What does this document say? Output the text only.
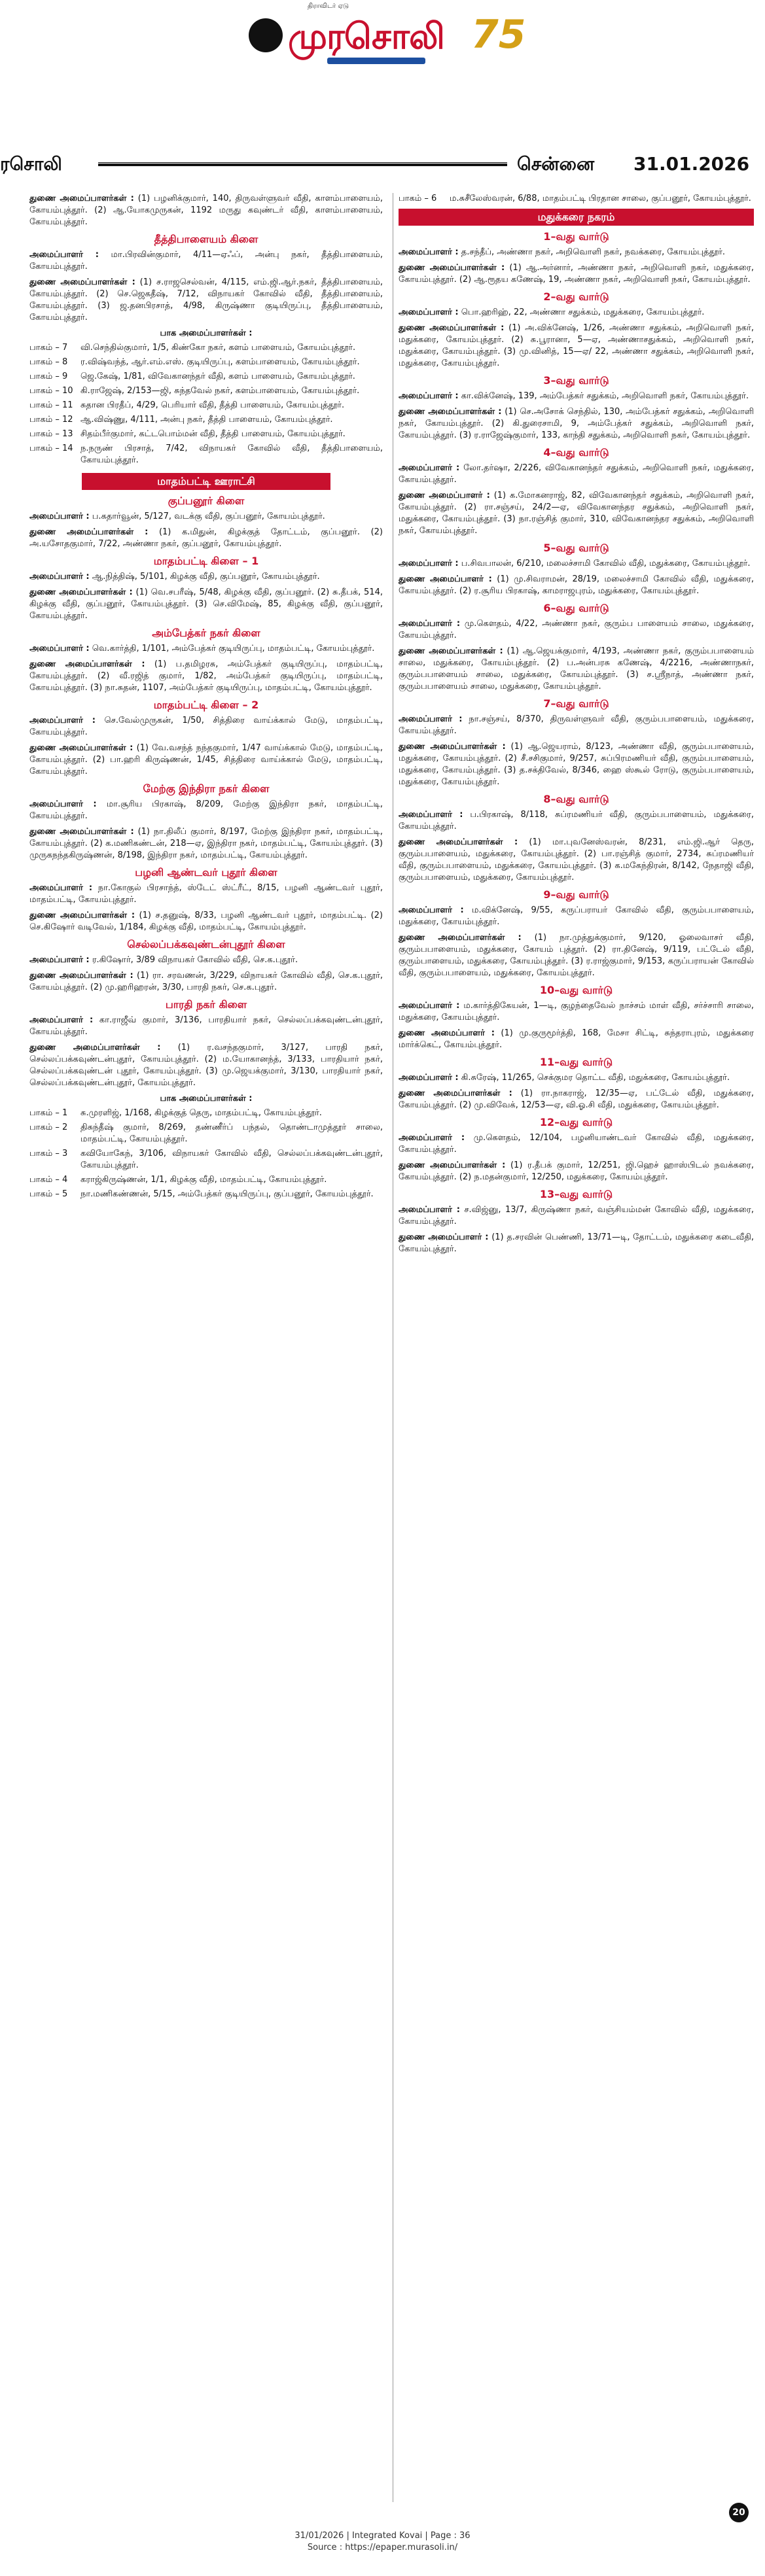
திராவிடர் ஏடு
முரசொலி 75
ரசொலி	சென்னை 31.01.2026

துணை அமைப்பாளர்கள் : (1) பழனிக்குமார், 140, திருவள்ளுவர் வீதி, காளம்பாளையம், கோயம்புத்தூர். (2) ஆ.யோகமுருகன், 1192 மருது கவுண்டர் வீதி, காளம்பாளையம், கோயம்புத்தூர்.

தீத்திபாளையம் கிளை

அமைப்பாளர் : மா.பிரவின்குமார், 4/11—ஏஃப், அன்பு நகர், தீத்திபாளையம், கோயம்புத்தூர்.

துணை அமைப்பாளர்கள் : (1) ச.ராஜசெல்வன், 4/115, எம்.ஜி.ஆர்.நகர், தீத்திபாளையம், கோயம்புத்தூர். (2) செ.ஜெகதீஷ், 7/12, விநாயகர் கோவில் வீதி, தீத்திபாளையம், கோயம்புத்தூர். (3) ஜ.தனபிரசாத், 4/98, கிருஷ்ணா குடியிருப்பு, தீத்திபாளையம், கோயம்புத்தூர்.

பாக அமைப்பாளர்கள் :
பாகம் – 7	வி.செந்தில்குமார், 1/5, கிண்கோ நகர், களம் பாளையம், கோயம்புத்தூர்.
பாகம் – 8	ர.விஷ்வந்த், ஆர்.எம்.எஸ். குடியிருப்பு, களம்பாளையம், கோயம்புத்தூர்.
பாகம் – 9	ஜெ.கேஷ், 1/81, விவேகானந்தர் வீதி, களம் பாளையம், கோயம்புத்தூர்.
பாகம் – 10 கி.ராஜேஷ், 2/153—ஜி, சுந்தவேல் நகர், களம்பாளையம், கோயம்புத்தூர்.
பாகம் – 11 சுதான பிரதீப், 4/29, பெரியார் வீதி, தீத்தி பாளையம், கோயம்புத்தூர்.
பாகம் – 12 ஆ.விஷ்ணு, 4/111, அன்பு நகர், தீத்தி பாளையம், கோயம்புத்தூர்.
பாகம் – 13 சிதம்பீர்குமார், கட்டபொம்மன் வீதி, தீத்தி பாளையம், கோயம்புத்தூர்.
பாகம் – 14 ந.நருண் பிரசாத், 7/42, விநாயகர் கோவில் வீதி, தீத்திபாளையம், கோயம்புத்தூர்.
மாதம்பட்டி ஊராட்சி
குப்பனூர் கிளை

அமைப்பாளர் : ப.கதார்வூன், 5/127, வடக்கு வீதி, குப்பனூர், கோயம்புத்தூர்.

துணை அமைப்பாளர்கள் : (1) க.மிதுன், கிழக்குத் தோட்டம், குப்பனூர். (2) அ.யசோதகுமார், 7/22, அண்ணா நகர், குப்பனூர், கோயம்புத்தூர்.

மாதம்பட்டி கிளை – 1

அமைப்பாளர் : ஆ.நித்திஷ், 5/101, கிழக்கு வீதி, குப்பனூர், கோயம்புத்தூர்.

துணை அமைப்பாளர்கள் : (1) வெ.சபரீஷ், 5/48, கிழக்கு வீதி, குப்பனூர். (2) சு.தீபக், 514, கிழக்கு வீதி, குப்பனூர், கோயம்புத்தூர். (3) செ.விமேஷ், 85, கிழக்கு வீதி, குப்பனூர், கோயம்புத்தூர்.

அம்பேத்கர் நகர் கிளை

அமைப்பாளர் : வெ.கார்த்தி, 1/101, அம்பேத்கர் குடியிருப்பு, மாதம்பட்டி, கோயம்புத்தூர்.

துணை அமைப்பாளர்கள் : (1) ப.தமிழரசு, அம்பேத்கர் குடியிருப்பு, மாதம்பட்டி, கோயம்புத்தூர். (2) வீ.ரஜித் குமார், 1/82, அம்பேத்கர் குடியிருப்பு, மாதம்பட்டி, கோயம்புத்தூர். (3) நா.சுதன், 1107, அம்பேத்கர் குடியிருப்பு, மாதம்பட்டி, கோயம்புத்தூர்.

மாதம்பட்டி கிளை – 2

அமைப்பாளர் : செ.வேல்முருகன், 1/50, சித்திரை வாய்க்கால் மேடு, மாதம்பட்டி, கோயம்புத்தூர்.

துணை அமைப்பாளர்கள் : (1) வே.வசந்த் நந்தகுமார், 1/47 வாய்க்கால் மேடு, மாதம்பட்டி, கோயம்புத்தூர். (2) பா.ஹரி கிருஷ்ணன், 1/45, சித்திரை வாய்க்கால் மேடு, மாதம்பட்டி, கோயம்புத்தூர்.

மேற்கு இந்திரா நகர் கிளை

அமைப்பாளர் : மா.சூரிய பிரகாஷ், 8/209, மேற்கு இந்திரா நகர், மாதம்பட்டி, கோயம்புத்தூர்.

துணை அமைப்பாளர்கள் : (1) நா.திலீப் குமார், 8/197, மேற்கு இந்திரா நகர், மாதம்பட்டி, கோயம்புத்தூர். (2) க.மணிகண்டன், 218—ஏ, இந்திரா நகர், மாதம்பட்டி, கோயம்புத்தூர். (3) முருகநந்தகிருஷ்ணன், 8/198, இந்திரா நகர், மாதம்பட்டி, கோயம்புத்தூர்.

பழனி ஆண்டவர் புதூர் கிளை

அமைப்பாளர் : நா.கோகுல் பிரசாந்த், ஸ்டேட் ஸ்ட்ரீட், 8/15, பழனி ஆண்டவர் புதூர், மாதம்பட்டி, கோயம்புத்தூர்.

துணை அமைப்பாளர்கள் : (1) ச.தனுஷ், 8/33, பழனி ஆண்டவர் புதூர், மாதம்பட்டி. (2) செ.கிஷோர் வடிவேல், 1/184, கிழக்கு வீதி, மாதம்பட்டி, கோயம்புத்தூர்.

செல்லப்பக்கவுண்டன்புதூர் கிளை

அமைப்பாளர் : ர.கிஷோர், 3/89 விநாயகர் கோவில் வீதி, செ.க.புதூர்.

துணை அமைப்பாளர்கள் : (1) ரா. சரவணன், 3/229, விநாயகர் கோவில் வீதி, செ.க.புதூர், கோயம்புத்தூர். (2) மு.ஹரிஹரன், 3/30, பாரதி நகர், செ.க.புதூர்.

பாரதி நகர் கிளை

அமைப்பாளர் : கா.ராஜீவ் குமார், 3/136, பாரதியார் நகர், செல்லப்பக்கவுண்டன்புதூர், கோயம்புத்தூர்.

துணை அமைப்பாளர்கள் : (1) ர.வசந்தகுமார், 3/127, பாரதி நகர், செல்லப்பக்கவுண்டன்புதூர், கோயம்புத்தூர். (2) ம.யோகானந்த், 3/133, பாரதியார் நகர், செல்லப்பக்கவுண்டன் புதூர், கோயம்புத்தூர். (3) மு.ஜெயக்குமார், 3/130, பாரதியார் நகர், செல்லப்பக்கவுண்டன்புதூர், கோயம்புத்தூர்.

பாக அமைப்பாளர்கள் :
பாகம் – 1	சு.முரளிஜ், 1/168, கிழக்குத் தெரு, மாதம்பட்டி, கோயம்புத்தூர்.
பாகம் – 2	திசுந்தீஷ் குமார், 8/269, தண்ணீர்ப் பந்தல், தொண்டாமுத்தூர் சாலை, மாதம்பட்டி, கோயம்புத்தூர்.
பாகம் – 3	கவியோகேந், 3/106, விநாயகர் கோவில் வீதி, செல்லப்பக்கவுண்டன்புதூர், கோயம்புத்தூர்.
பாகம் – 4	கராஜ்கிருஷ்ணன், 1/1, கிழக்கு வீதி, மாதம்பட்டி, கோயம்புத்தூர்.
பாகம் – 5	நா.மணிகண்ணன், 5/15, அம்பேத்கர் குடியிருப்பு, குப்பனூர், கோயம்புத்தூர்.
பாகம் – 6	ம.சுசீலேஸ்வரன், 6/88, மாதம்பட்டி பிரதான சாலை, குப்பனூர், கோயம்புத்தூர்.
மதுக்கரை நகரம்
1–வது வார்டு

அமைப்பாளர் : த.சந்தீப், அண்ணா நகர், அறிவொளி நகர், நவக்கரை, கோயம்புத்தூர்.

துணை அமைப்பாளர்கள் : (1) ஆ.அர்னார், அண்ணா நகர், அறிவொளி நகர், மதுக்கரை, கோயம்புத்தூர். (2) ஆ.ரூதய கணேஷ், 19, அண்ணா நகர், அறிவொளி நகர், கோயம்புத்தூர்.

2–வது வார்டு

அமைப்பாளர் : பொ.ஹரிஹ், 22, அண்ணா சதுக்கம், மதுக்கரை, கோயம்புத்தூர்.

துணை அமைப்பாளர்கள் : (1) அ.விக்னேஷ், 1/26, அண்ணா சதுக்கம், அறிவொளி நகர், மதுக்கரை, கோயம்புத்தூர். (2) சு.பூரானா, 5—ஏ, அண்ணாசதுக்கம், அறிவொளி நகர், மதுக்கரை, கோயம்புத்தூர். (3) மு.வினித், 15—ஏ/ 22, அண்ணா சதுக்கம், அறிவொளி நகர், மதுக்கரை, கோயம்புத்தூர்.

3–வது வார்டு

அமைப்பாளர் : கா.விக்னேஷ், 139, அம்பேத்கர் சதுக்கம், அறிவொளி நகர், கோயம்புத்தூர்.

துணை அமைப்பாளர்கள் : (1) செ.அசோக் செந்தில், 130, அம்பேத்கர் சதுக்கம், அறிவொளி நகர், கோயம்புத்தூர். (2) கி.துரைசாமி, 9, அம்பேத்கர் சதுக்கம், அறிவொளி நகர், கோயம்புத்தூர். (3) ர.ராஜேஷ்குமார், 133, காந்தி சதுக்கம், அறிவொளி நகர், கோயம்புத்தூர்.

4–வது வார்டு

அமைப்பாளர் : லோ.தர்ஷா, 2/226, விவேகானந்தர் சதுக்கம், அறிவொளி நகர், மதுக்கரை, கோயம்புத்தூர்.

துணை அமைப்பாளர் : (1) க.மோகனராஜ், 82, விவேகானந்தர் சதுக்கம், அறிவொளி நகர், கோயம்புத்தூர். (2) ரா.சஞ்சய், 24/2—ஏ, விவேகானந்தர சதுக்கம், அறிவொளி நகர், மதுக்கரை, கோயம்புத்தூர். (3) நா.ரஞ்சித் குமார், 310, விவேகானந்தர சதுக்கம், அறிவொளி நகர், கோயம்புத்தூர்.

5–வது வார்டு

அமைப்பாளர் : ப.சிவபாலன், 6/210, மலைச்சாமி கோவில் வீதி, மதுக்கரை, கோயம்புத்தூர்.

துணை அமைப்பாளர் : (1) மு.சிவராமன், 28/19, மலைச்சாமி கோவில் வீதி, மதுக்கரை, கோயம்புத்தூர். (2) ர.சூரிய பிரகாஷ், காமராஜபுரம், மதுக்கரை, கோயம்புத்தூர்.

6–வது வார்டு

அமைப்பாளர் : மு.கெளதம், 4/22, அண்ணா நகர், குரும்ப பாளையம் சாலை, மதுக்கரை, கோயம்புத்தூர்.

துணை அமைப்பாளர்கள் : (1) ஆ.ஜெயக்குமார், 4/193, அண்ணா நகர், குரும்பபாளையம் சாலை, மதுக்கரை, கோயம்புத்தூர். (2) ப.அன்பரசு கணேஷ், 4/2216, அண்ணாநகர், குரும்பபாளையம் சாலை, மதுக்கரை, கோயம்புத்தூர். (3) ச.ஸ்ரீநாத், அண்ணா நகர், குரும்பபாளையம் சாலை, மதுக்கரை, கோயம்புத்தூர்.

7–வது வார்டு

அமைப்பாளர் : நா.சஞ்சய், 8/370, திருவள்ளுவர் வீதி, குரும்பபாளையம், மதுக்கரை, கோயம்புத்தூர்.

துணை அமைப்பாளர்கள் : (1) ஆ.ஜெயராம், 8/123, அண்ணா வீதி, குரும்பபாளையம், மதுக்கரை, கோயம்புத்தூர். (2) சீ.சசிகுமார், 9/257, சுப்பிரமணியர் வீதி, குரும்பபாளையம், மதுக்கரை, கோயம்புத்தூர். (3) த.சக்திவேல், 8/346, ஹை ஸ்கூல் ரோடு, குரும்பபாளையம், மதுக்கரை, கோயம்புத்தூர்.

8–வது வார்டு

அமைப்பாளர் : ப.பிரகாஷ், 8/118, சுப்ரமணியர் வீதி, குரும்பபாளையம், மதுக்கரை, கோயம்புத்தூர்.

துணை அமைப்பாளர்கள் : (1) மா.புவனேஸ்வரன், 8/231, எம்.ஜி.ஆர் தெரு, குரும்பபாளையம், மதுக்கரை, கோயம்புத்தூர். (2) பா.ரஞ்சித் குமார், 2734, சுப்ரமணியர் வீதி, குரும்பபாளையம், மதுக்கரை, கோயம்புத்தூர். (3) க.மகேந்திரன், 8/142, நேதாஜி வீதி, குரும்பபாளையம், மதுக்கரை, கோயம்புத்தூர்.

9–வது வார்டு

அமைப்பாளர் : ம.விக்னேஷ், 9/55, கருப்பராயர் கோவில் வீதி, குரும்பபாளையம், மதுக்கரை, கோயம்புத்தூர்.

துணை அமைப்பாளர்கள் : (1) நா.முத்துக்குமார், 9/120, ஓலைவாசர் வீதி, குரும்பபாளையம், மதுக்கரை, கோயம் புத்தூர். (2) ரா.தினேஷ், 9/119, பட்டேல் வீதி, குரும்பாளையம், மதுக்கரை, கோயம்புத்தூர். (3) ர.ராஜ்குமார், 9/153, கருப்பராயன் கோவில் வீதி, குரும்பபாளையம், மதுக்கரை, கோயம்புத்தூர்.

10–வது வார்டு

அமைப்பாளர் : ம.கார்த்திகேயன், 1—டி, குழந்தைவேல் நாச்சம் மாள் வீதி, சர்ச்சாரி சாலை, மதுக்கரை, கோயம்புத்தூர்.

துணை அமைப்பாளர் : (1) மு.குருமூர்த்தி, 168, மேசா சிட்டி, சுந்தராபுரம், மதுக்கரை மார்க்கெட், கோயம்புத்தூர்.

11–வது வார்டு

அமைப்பாளர் : கி.சுரேஷ், 11/265, செக்குமர தொட்ட வீதி, மதுக்கரை, கோயம்புத்தூர்.

துணை அமைப்பாளர்கள் : (1) ரா.நாகராஜ், 12/35—ஏ, பட்டேல் வீதி, மதுக்கரை, கோயம்புத்தூர். (2) மு.விவேக், 12/53—ஏ, வி.ஓ.சி வீதி, மதுக்கரை, கோயம்புத்தூர்.

12–வது வார்டு

அமைப்பாளர் : மு.கெளதம், 12/104, பழனியாண்டவர் கோவில் வீதி, மதுக்கரை, கோயம்புத்தூர்.

துணை அமைப்பாளர்கள் : (1) ர.தீபக் குமார், 12/251, ஜி.ஹெச் ஹாஸ்பிடல் நவக்கரை, கோயம்புத்தூர். (2) ந.மதன்குமார், 12/250, மதுக்கரை, கோயம்புத்தூர்.

13–வது வார்டு

அமைப்பாளர் : ச.விஜ்னு, 13/7, கிருஷ்ணா நகர், வஞ்சியம்மன் கோவில் வீதி, மதுக்கரை, கோயம்புத்தூர்.

துணை அமைப்பாளர் : (1) த.சரவின் பெண்ணி, 13/71—டி, தோட்டம், மதுக்கரை கடைவீதி, கோயம்புத்தூர்.

20
31/01/2026 | Integrated Kovai | Page : 36
Source : https://epaper.murasoli.in/
